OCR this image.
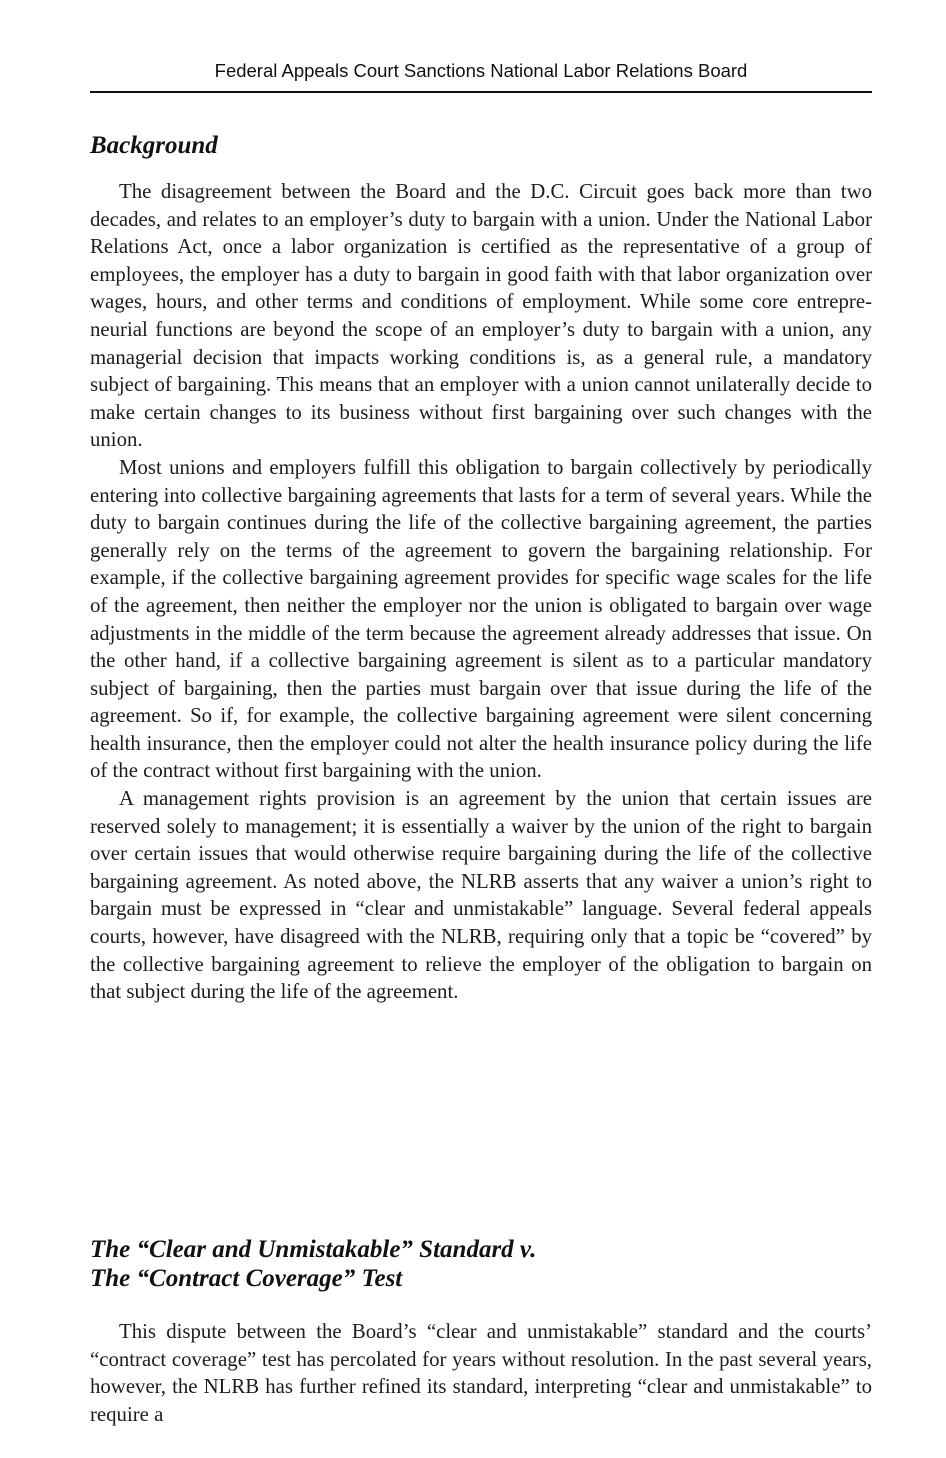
Federal Appeals Court Sanctions National Labor Relations Board
Background

The disagreement between the Board and the D.C. Circuit goes back more than two decades, and relates to an employer’s duty to bargain with a union. Under the National Labor Relations Act, once a labor organization is certified as the representative of a group of employees, the employer has a duty to bargain in good faith with that labor organization over wages, hours, and other terms and conditions of employment. While some core entrepreneurial functions are beyond the scope of an employer’s duty to bargain with a union, any managerial decision that impacts working conditions is, as a general rule, a mandatory subject of bargaining. This means that an employer with a union cannot unilaterally decide to make certain changes to its business without first bargaining over such changes with the union.

Most unions and employers fulfill this obligation to bargain collectively by periodically entering into collective bargaining agreements that lasts for a term of several years. While the duty to bargain continues during the life of the collective bargaining agreement, the parties generally rely on the terms of the agreement to govern the bargaining relationship. For example, if the collective bargaining agreement provides for specific wage scales for the life of the agreement, then neither the employer nor the union is obligated to bargain over wage adjustments in the middle of the term because the agreement already addresses that issue. On the other hand, if a collective bargaining agreement is silent as to a particular mandatory subject of bargaining, then the parties must bargain over that issue during the life of the agreement. So if, for example, the collective bargaining agreement were silent concerning health insurance, then the employer could not alter the health insurance policy during the life of the contract without first bargaining with the union.

A management rights provision is an agreement by the union that certain issues are reserved solely to management; it is essentially a waiver by the union of the right to bargain over certain issues that would otherwise require bargaining during the life of the collective bargaining agreement. As noted above, the NLRB asserts that any waiver a union’s right to bargain must be expressed in “clear and unmistakable” language. Several federal appeals courts, however, have disagreed with the NLRB, requiring only that a topic be “covered” by the collective bargaining agreement to relieve the employer of the obligation to bargain on that subject during the life of the agreement.

The “Clear and Unmistakable” Standard v.
The “Contract Coverage” Test

This dispute between the Board’s “clear and unmistakable” standard and the courts’ “contract coverage” test has percolated for years without resolution. In the past several years, however, the NLRB has further refined its standard, interpreting “clear and unmistakable” to require a
